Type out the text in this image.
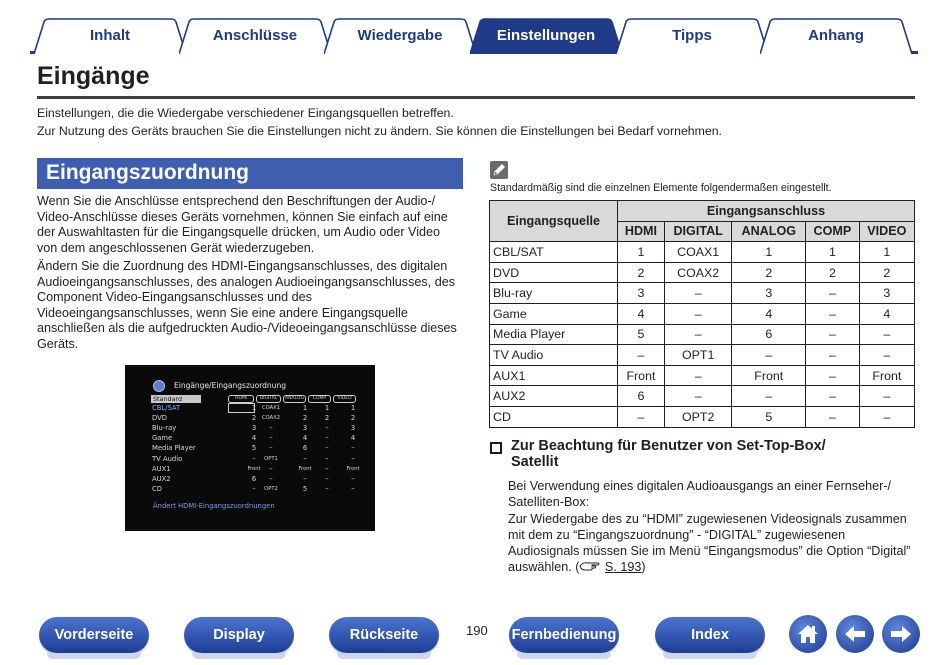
Inhalt	Anschlüsse	Wiedergabe	Einstellungen	Tipps	Anhang
Eingänge
Einstellungen, die die Wiedergabe verschiedener Eingangsquellen betreffen.
Zur Nutzung des Geräts brauchen Sie die Einstellungen nicht zu ändern. Sie können die Einstellungen bei Bedarf vornehmen.
Eingangszuordnung
Wenn Sie die Anschlüsse entsprechend den Beschriftungen der Audio-/ Video-Anschlüsse dieses Geräts vornehmen, können Sie einfach auf eine der Auswahltasten für die Eingangsquelle drücken, um Audio oder Video von dem angeschlossenen Gerät wiederzugeben.
Ändern Sie die Zuordnung des HDMI-Eingangsanschlusses, des digitalen Audioeingangsanschlusses, des analogen Audioeingangsanschlusses, des Component Video-Eingangsanschlusses und des Videoeingangsanschlusses, wenn Sie eine andere Eingangsquelle anschließen als die aufgedruckten Audio-/Videoeingangsanschlüsse dieses Geräts.
Eingänge/Eingangszuordnung
Standard	HDMI	DIGITAL	ANALOG	COMP	VIDEO
CBL/SAT	1	COAX1	1	1	1
DVD	2	COAX2	2	2	2
Blu-ray	3	–	3	–	3
Game	4	–	4	–	4
Media Player	5	–	6	–	–
TV Audio	–	OPT1	–	–	–
AUX1	Front	–	Front	–	Front
AUX2	6	–	–	–	–
CD	–	OPT2	5	–	–
Ändert HDMI-Eingangszuordnungen
Standardmäßig sind die einzelnen Elemente folgendermaßen eingestellt.
Eingangsquelle	Eingangsanschluss				
	HDMI	DIGITAL	ANALOG	COMP	VIDEO
CBL/SAT	1	COAX1	1	1	1
DVD	2	COAX2	2	2	2
Blu-ray	3	–	3	–	3
Game	4	–	4	–	4
Media Player	5	–	6	–	–
TV Audio	–	OPT1	–	–	–
AUX1	Front	–	Front	–	Front
AUX2	6	–	–	–	–
CD	–	OPT2	5	–	–
Zur Beachtung für Benutzer von Set-Top-Box/
Satellit
Bei Verwendung eines digitalen Audioausgangs an einer Fernseher-/ Satelliten-Box:
Zur Wiedergabe des zu “HDMI” zugewiesenen Videosignals zusammen mit dem zu “Eingangszuordnung” - “DIGITAL” zugewiesenen Audiosignals müssen Sie im Menü “Eingangsmodus” die Option “Digital” auswählen. ( S. 193)
Vorderseite	Display	Rückseite	Fernbedienung	Index
190
